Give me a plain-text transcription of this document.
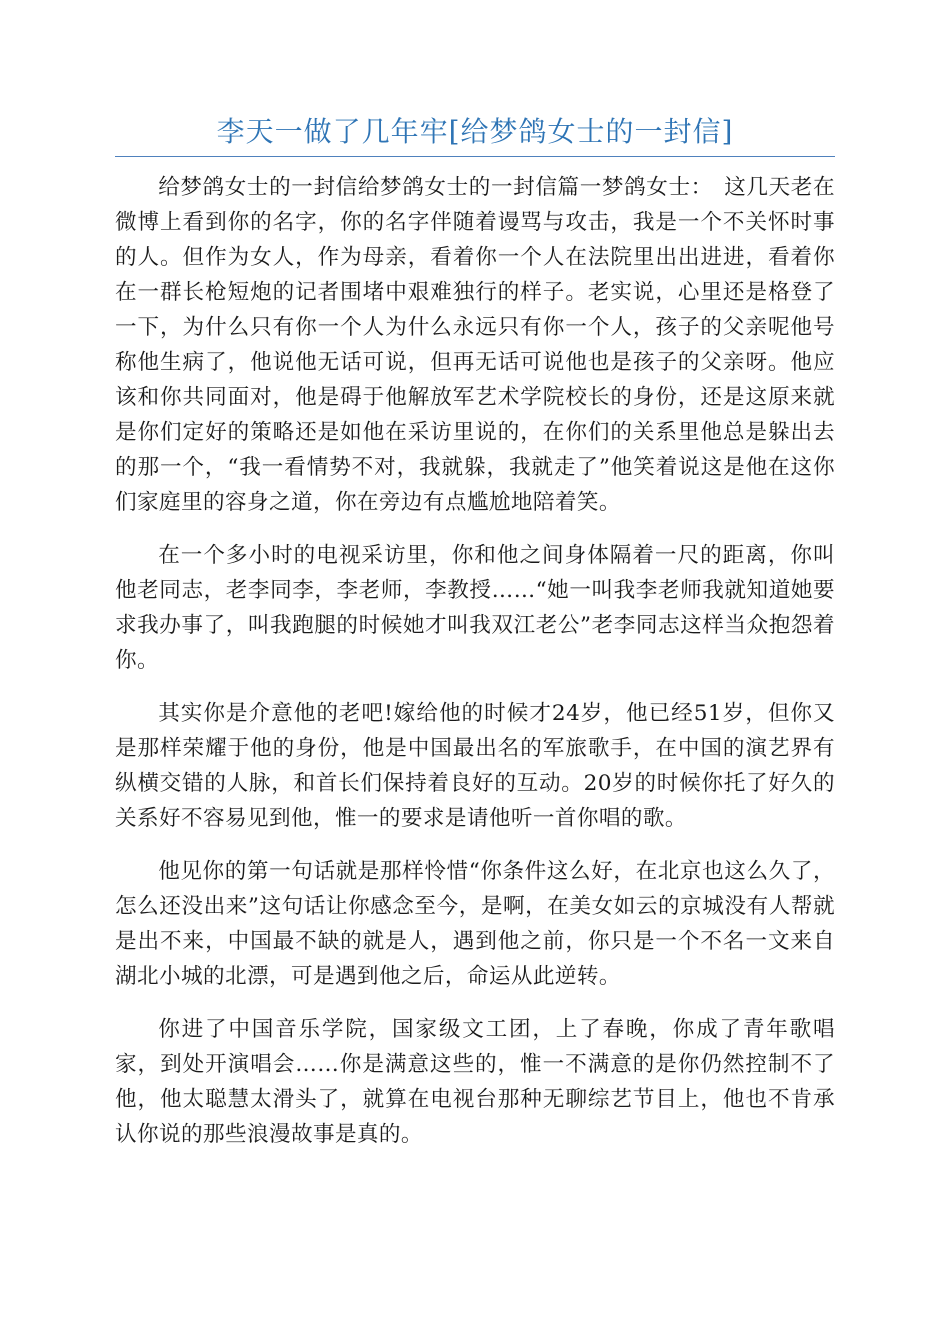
李天一做了几年牢[给梦鸽女士的一封信]

给梦鸽女士的一封信给梦鸽女士的一封信篇一梦鸽女士：　这几天老在微博上看到你的名字，你的名字伴随着谩骂与攻击，我是一个不关怀时事的人。但作为女人，作为母亲，看着你一个人在法院里出出进进，看着你在一群长枪短炮的记者围堵中艰难独行的样子。老实说，心里还是格登了一下，为什么只有你一个人为什么永远只有你一个人，孩子的父亲呢他号称他生病了，他说他无话可说，但再无话可说他也是孩子的父亲呀。他应该和你共同面对，他是碍于他解放军艺术学院校长的身份，还是这原来就是你们定好的策略还是如他在采访里说的，在你们的关系里他总是躲出去的那一个，“我一看情势不对，我就躲，我就走了”他笑着说这是他在这你们家庭里的容身之道，你在旁边有点尴尬地陪着笑。

在一个多小时的电视采访里，你和他之间身体隔着一尺的距离，你叫他老同志，老李同李，李老师，李教授……“她一叫我李老师我就知道她要求我办事了，叫我跑腿的时候她才叫我双江老公”老李同志这样当众抱怨着你。

其实你是介意他的老吧!嫁给他的时候才24岁，他已经51岁，但你又是那样荣耀于他的身份，他是中国最出名的军旅歌手，在中国的演艺界有纵横交错的人脉，和首长们保持着良好的互动。20岁的时候你托了好久的关系好不容易见到他，惟一的要求是请他听一首你唱的歌。

他见你的第一句话就是那样怜惜“你条件这么好，在北京也这么久了，怎么还没出来”这句话让你感念至今，是啊，在美女如云的京城没有人帮就是出不来，中国最不缺的就是人，遇到他之前，你只是一个不名一文来自湖北小城的北漂，可是遇到他之后，命运从此逆转。

你进了中国音乐学院，国家级文工团，上了春晚，你成了青年歌唱家，到处开演唱会……你是满意这些的，惟一不满意的是你仍然控制不了他，他太聪慧太滑头了，就算在电视台那种无聊综艺节目上，他也不肯承认你说的那些浪漫故事是真的。
